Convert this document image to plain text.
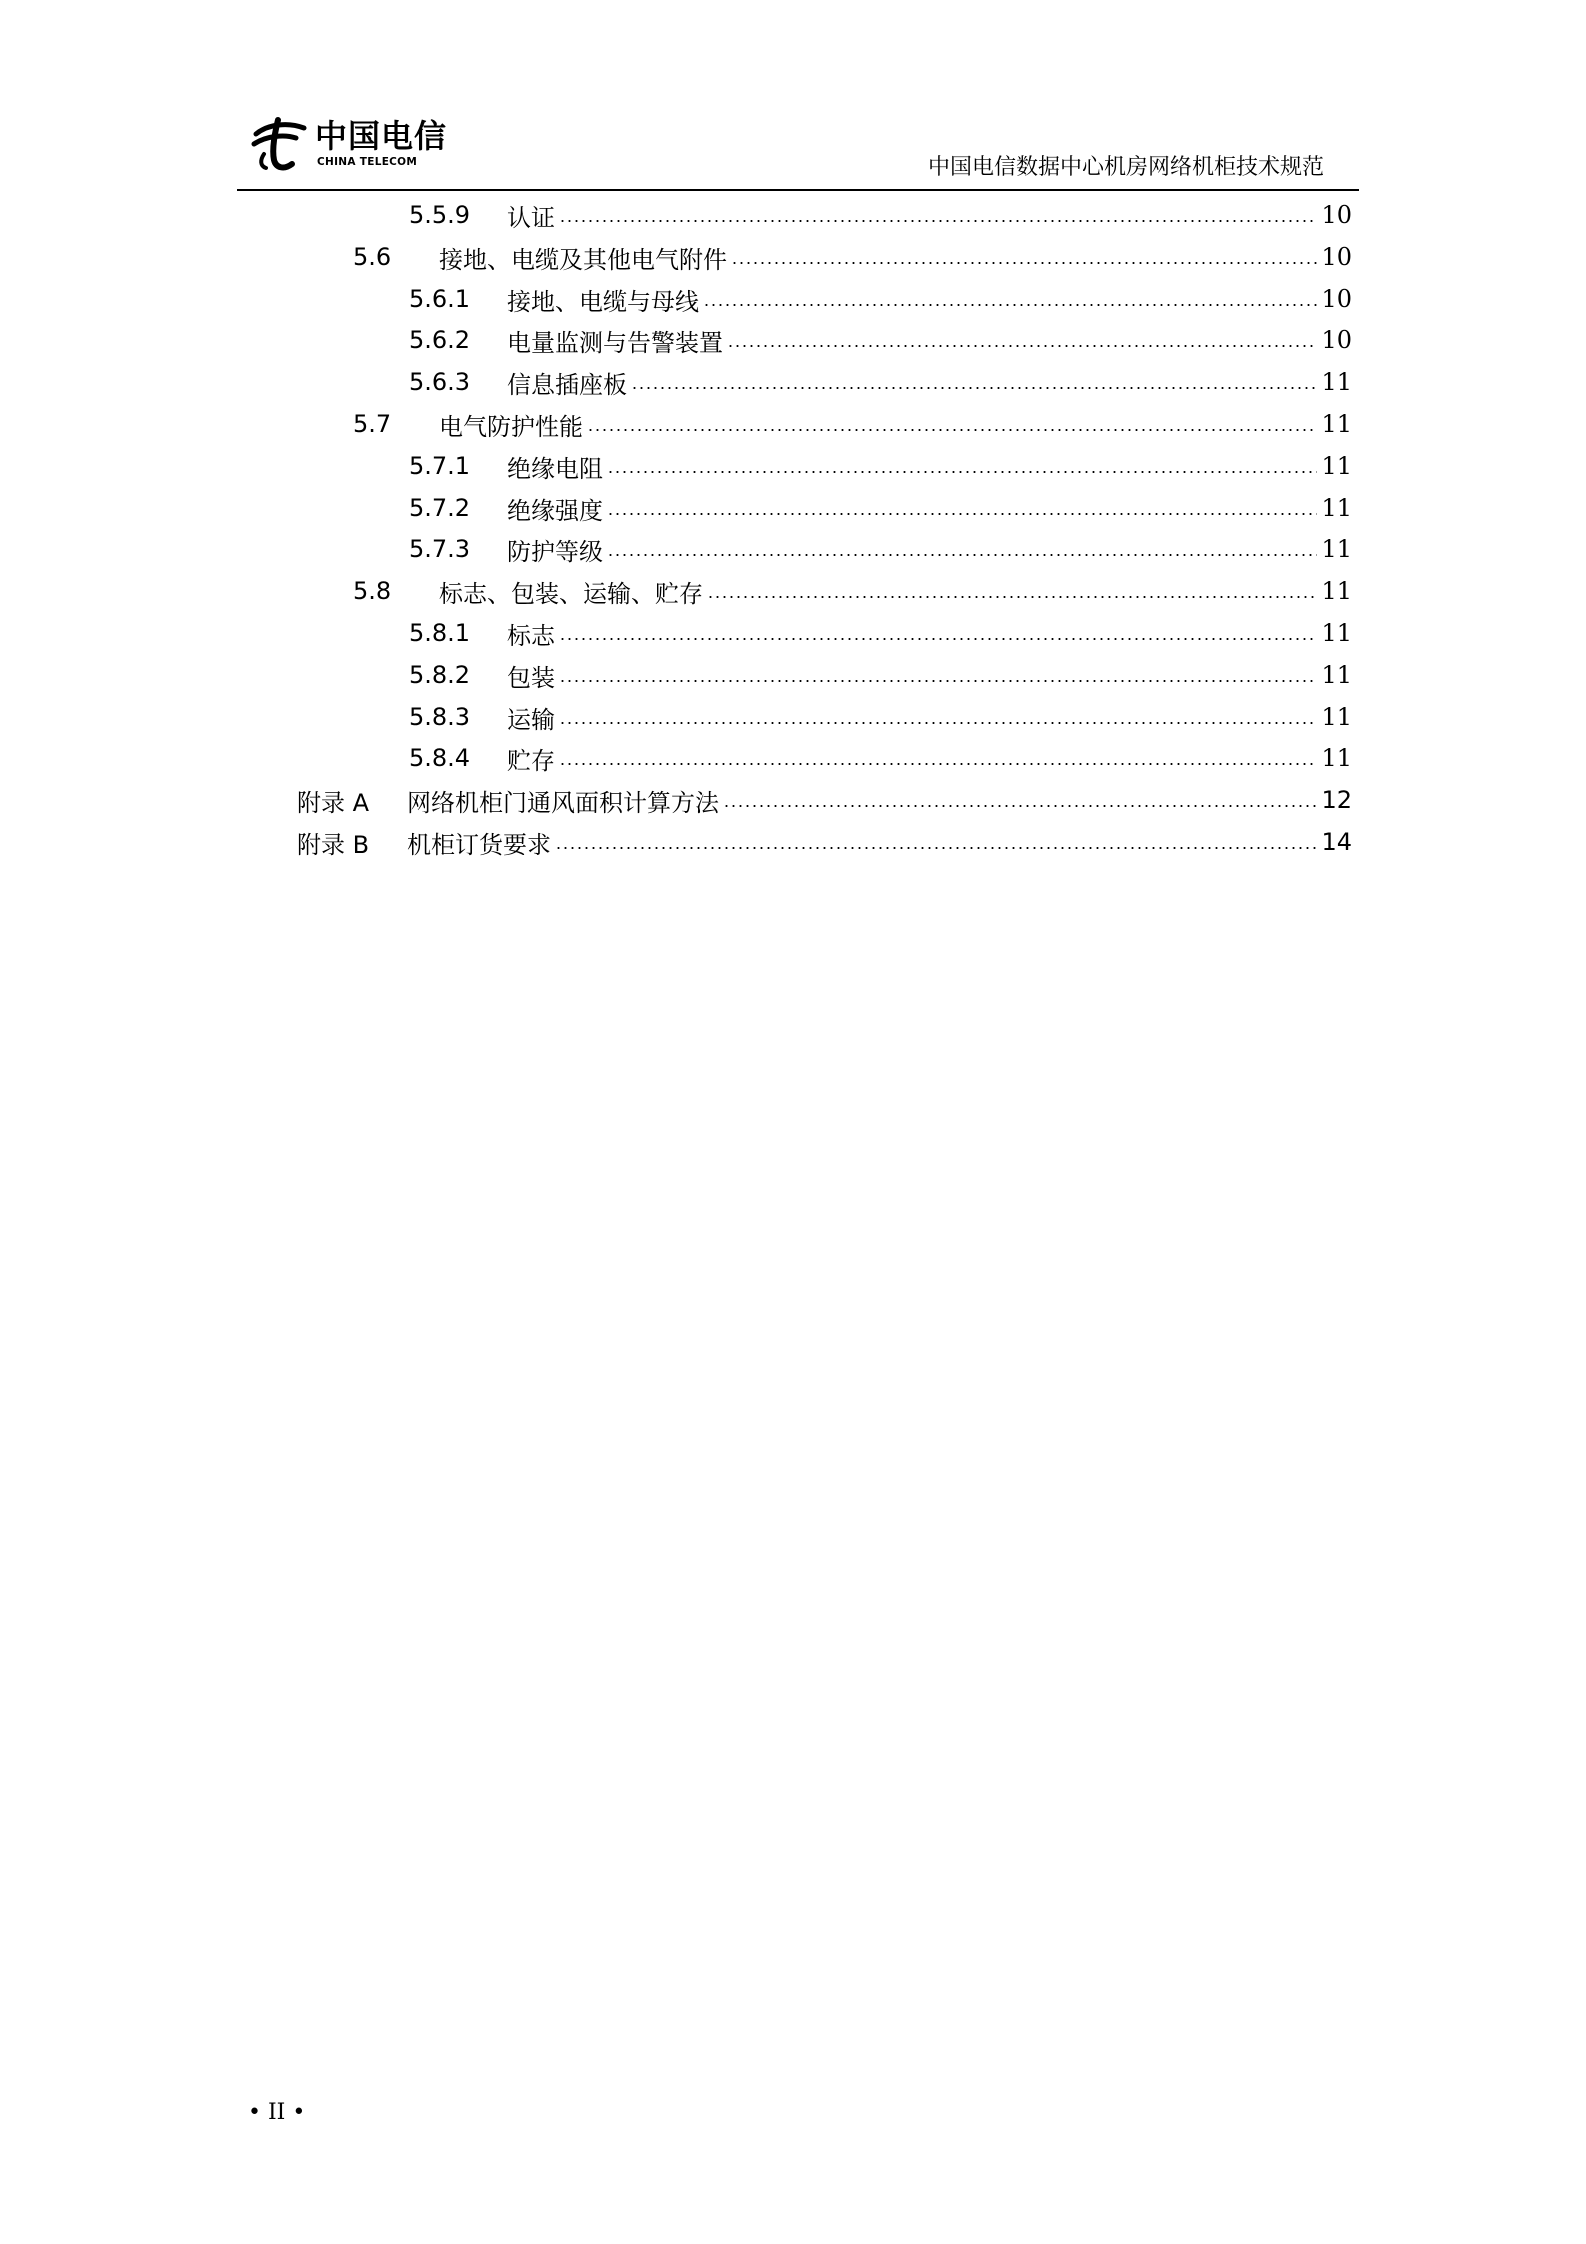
中国电信
CHINA TELECOM	中国电信数据中心机房网络机柜技术规范
5.5.9	认证	10
5.6	接地、电缆及其他电气附件	10
5.6.1	接地、电缆与母线	10
5.6.2	电量监测与告警装置	10
5.6.3	信息插座板	11
5.7	电气防护性能	11
5.7.1	绝缘电阻	11
5.7.2	绝缘强度	11
5.7.3	防护等级	11
5.8	标志、包装、运输、贮存	11
5.8.1	标志	11
5.8.2	包装	11
5.8.3	运输	11
5.8.4	贮存	11
附录 A	网络机柜门通风面积计算方法	12
附录 B	机柜订货要求	14
• II •
